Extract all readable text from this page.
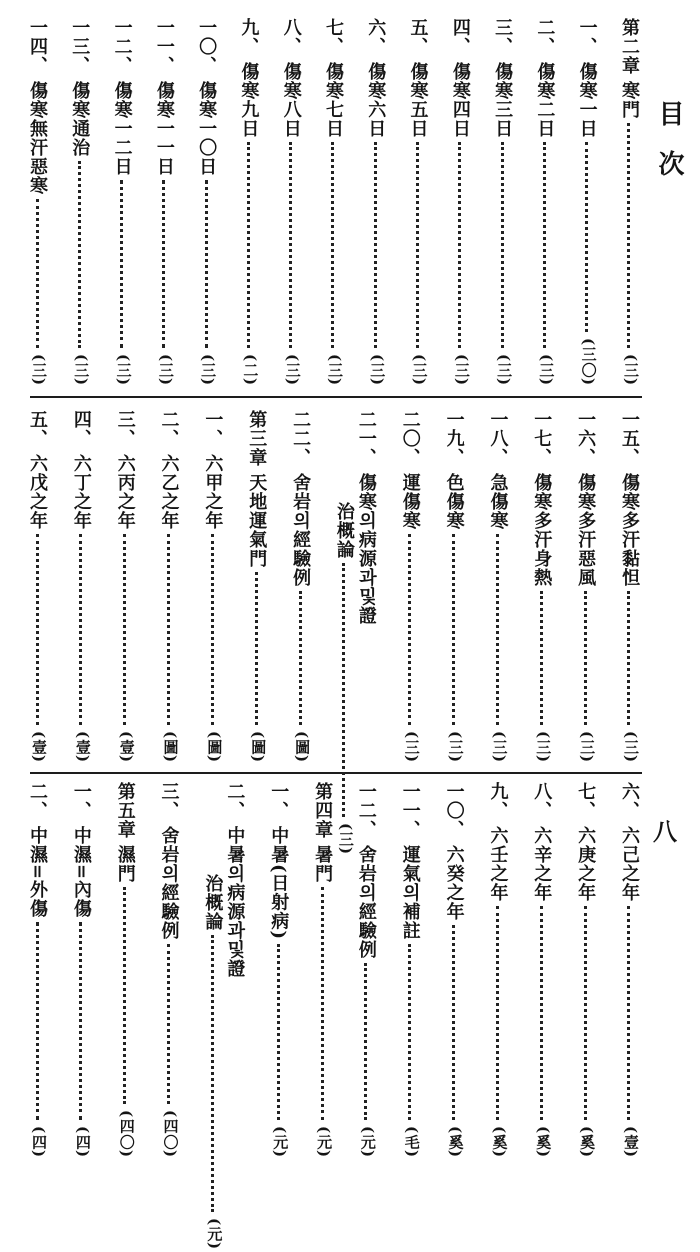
目次
八
第二章
寒門
( 三 )
一、
傷寒一日
( 三〇 )
二、
傷寒二日
( 三 )
三、
傷寒三日
( 三 )
四、
傷寒四日
( 三 )
五、
傷寒五日
( 三 )
六、
傷寒六日
( 三 )
七、
傷寒七日
( 三 )
八、
傷寒八日
( 三 )
九、
傷寒九日
( 二 )
一〇、
傷寒一〇日
( 三 )
一一、
傷寒一一日
( 三 )
一二、
傷寒一二日
( 三 )
一三、
傷寒通治
( 三 )
一四、
傷寒無汗惡寒
( 三 )
一五、
傷寒多汗黏怛
( 三 )
一六、
傷寒多汗惡風
( 三 )
一七、
傷寒多汗身熱
( 三 )
一八、
急傷寒
( 三 )
一九、
色傷寒
( 三 )
二〇、
運傷寒
( 三 )
二一、
傷寒의病源과및證
治概論
( 三 )
二二、
舍岩의經驗例
( 圖 )
第三章
天地運氣門
( 圖 )
一、
六甲之年
( 圖 )
二、
六乙之年
( 圖 )
三、
六丙之年
( 壹 )
四、
六丁之年
( 壹 )
五、
六戊之年
( 壹 )
六、
六己之年
( 壹 )
七、
六庚之年
( 奚 )
八、
六辛之年
( 奚 )
九、
六壬之年
( 奚 )
一〇、
六癸之年
( 奚 )
一一、
運氣의補註
( 毛 )
一二、
舍岩의經驗例
( 元 )
第四章
暑門
( 元 )
一、
中暑(日射病)
( 元 )
二、
中暑의病源과및證
治概論
( 元 )
三、
舍岩의經驗例
( 四〇 )
第五章
濕門
( 四〇 )
一、
中濕=內傷
( 四 )
二、
中濕=外傷
( 四 )
